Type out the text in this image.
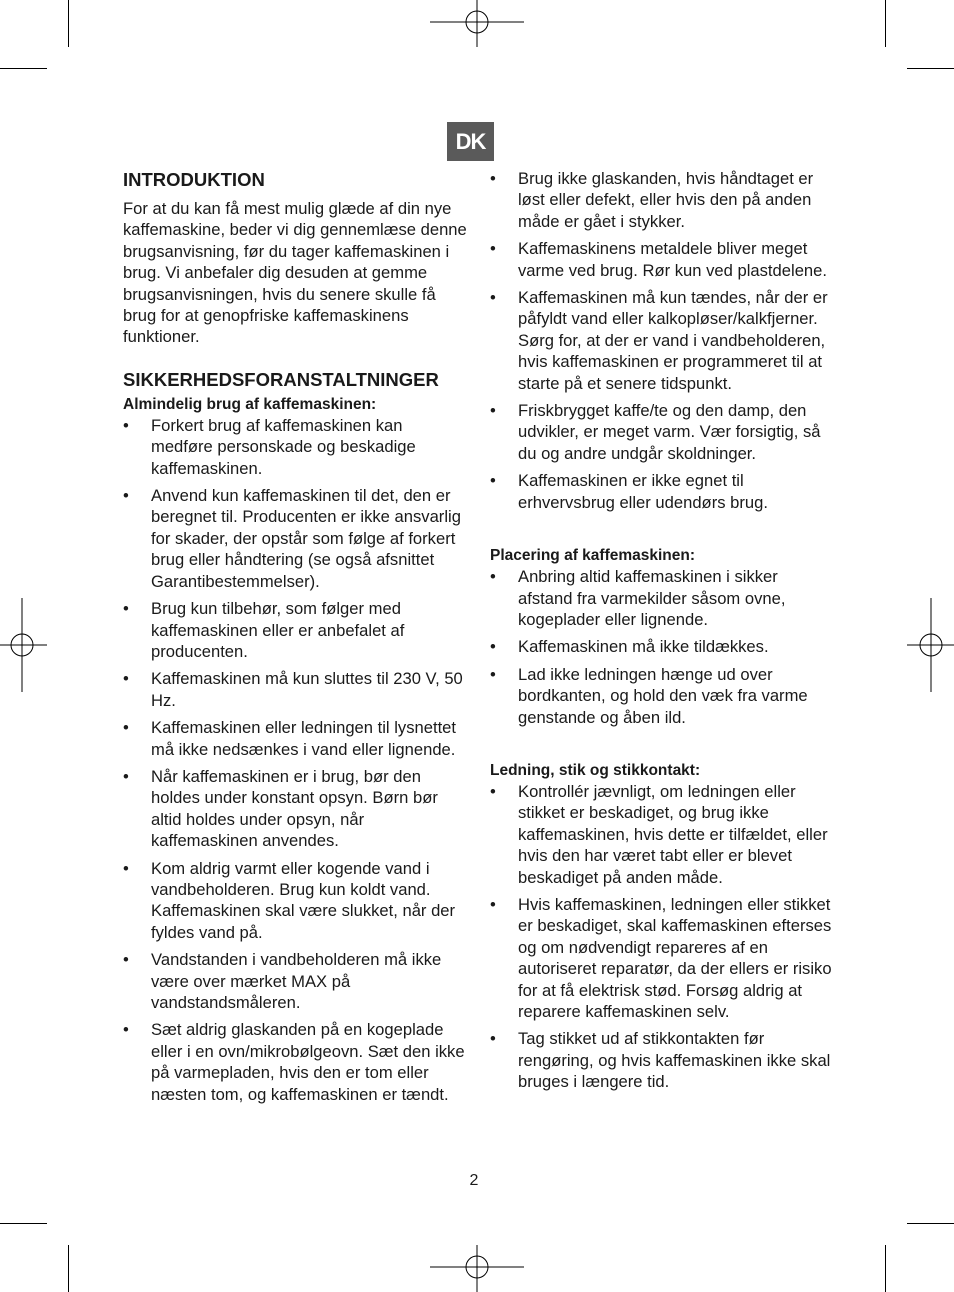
DK
INTRODUKTION

For at du kan få mest mulig glæde af din nye kaffemaskine, beder vi dig gennemlæse denne brugsanvisning, før du tager kaffemaskinen i brug. Vi anbefaler dig desuden at gemme brugsanvisningen, hvis du senere skulle få brug for at genopfriske kaffemaskinens funktioner.

SIKKERHEDSFORANSTALTNINGER
Almindelig brug af kaffemaskinen:
• Forkert brug af kaffemaskinen kan medføre personskade og beskadige kaffemaskinen.
• Anvend kun kaffemaskinen til det, den er beregnet til. Producenten er ikke ansvarlig for skader, der opstår som følge af forkert brug eller håndtering (se også afsnittet Garantibestemmelser).
• Brug kun tilbehør, som følger med kaffemaskinen eller er anbefalet af producenten.
• Kaffemaskinen må kun sluttes til 230 V, 50 Hz.
• Kaffemaskinen eller ledningen til lysnettet må ikke nedsænkes i vand eller lignende.
• Når kaffemaskinen er i brug, bør den holdes under konstant opsyn. Børn bør altid holdes under opsyn, når kaffemaskinen anvendes.
• Kom aldrig varmt eller kogende vand i vandbeholderen. Brug kun koldt vand. Kaffemaskinen skal være slukket, når der fyldes vand på.
• Vandstanden i vandbeholderen må ikke være over mærket MAX på vandstandsmåleren.
• Sæt aldrig glaskanden på en kogeplade eller i en ovn/mikrobølgeovn. Sæt den ikke på varmepladen, hvis den er tom eller næsten tom, og kaffemaskinen er tændt.
• Brug ikke glaskanden, hvis håndtaget er løst eller defekt, eller hvis den på anden måde er gået i stykker.
• Kaffemaskinens metaldele bliver meget varme ved brug. Rør kun ved plastdelene.
• Kaffemaskinen må kun tændes, når der er påfyldt vand eller kalkopløser/kalkfjerner. Sørg for, at der er vand i vandbeholderen, hvis kaffemaskinen er programmeret til at starte på et senere tidspunkt.
• Friskbrygget kaffe/te og den damp, den udvikler, er meget varm. Vær forsigtig, så du og andre undgår skoldninger.
• Kaffemaskinen er ikke egnet til erhvervsbrug eller udendørs brug.
Placering af kaffemaskinen:
• Anbring altid kaffemaskinen i sikker afstand fra varmekilder såsom ovne, kogeplader eller lignende.
• Kaffemaskinen må ikke tildækkes.
• Lad ikke ledningen hænge ud over bordkanten, og hold den væk fra varme genstande og åben ild.
Ledning, stik og stikkontakt:
• Kontrollér jævnligt, om ledningen eller stikket er beskadiget, og brug ikke kaffemaskinen, hvis dette er tilfældet, eller hvis den har været tabt eller er blevet beskadiget på anden måde.
• Hvis kaffemaskinen, ledningen eller stikket er beskadiget, skal kaffemaskinen efterses og om nødvendigt repareres af en autoriseret reparatør, da der ellers er risiko for at få elektrisk stød. Forsøg aldrig at reparere kaffemaskinen selv.
• Tag stikket ud af stikkontakten før rengøring, og hvis kaffemaskinen ikke skal bruges i længere tid.
2
